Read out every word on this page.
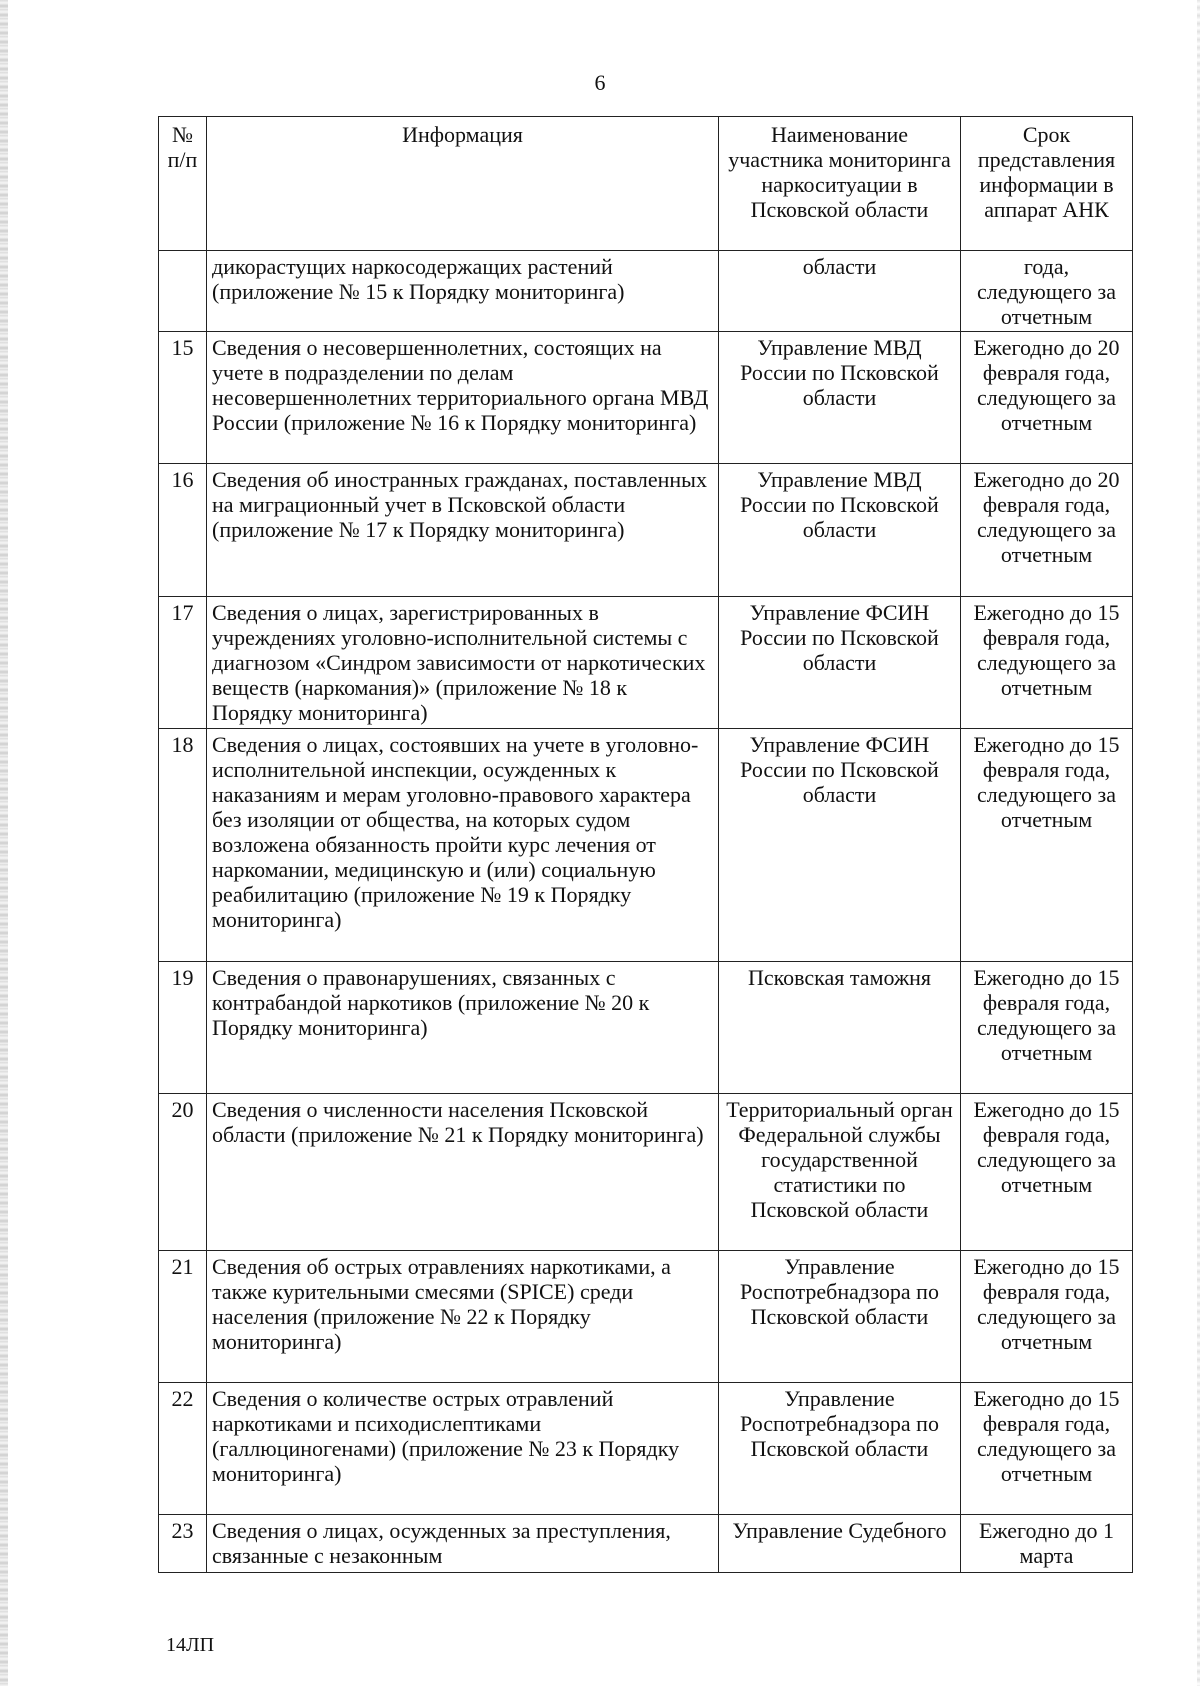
6
№ п/п	Информация	Наименование участника мониторинга наркоситуации в Псковской области	Срок представления информации в аппарат АНК
	дикорастущих наркосодержащих растений (приложение № 15 к Порядку мониторинга)	области	года, следующего за отчетным
15	Сведения о несовершеннолетних, состоящих на учете в подразделении по делам несовершеннолетних территориального органа МВД России (приложение № 16 к Порядку мониторинга)	Управление МВД России по Псковской области	Ежегодно до 20 февраля года, следующего за отчетным
16	Сведения об иностранных гражданах, поставленных на миграционный учет в Псковской области (приложение № 17 к Порядку мониторинга)	Управление МВД России по Псковской области	Ежегодно до 20 февраля года, следующего за отчетным
17	Сведения о лицах, зарегистрированных в учреждениях уголовно-исполнительной системы с диагнозом «Синдром зависимости от наркотических веществ (наркомания)» (приложение № 18 к Порядку мониторинга)	Управление ФСИН России по Псковской области	Ежегодно до 15 февраля года, следующего за отчетным
18	Сведения о лицах, состоявших на учете в уголовно-исполнительной инспекции, осужденных к наказаниям и мерам уголовно-правового характера без изоляции от общества, на которых судом возложена обязанность пройти курс лечения от наркомании, медицинскую и (или) социальную реабилитацию (приложение № 19 к Порядку мониторинга)	Управление ФСИН России по Псковской области	Ежегодно до 15 февраля года, следующего за отчетным
19	Сведения о правонарушениях, связанных с контрабандой наркотиков (приложение № 20 к Порядку мониторинга)	Псковская таможня	Ежегодно до 15 февраля года, следующего за отчетным
20	Сведения о численности населения Псковской области (приложение № 21 к Порядку мониторинга)	Территориальный орган Федеральной службы государственной статистики по Псковской области	Ежегодно до 15 февраля года, следующего за отчетным
21	Сведения об острых отравлениях наркотиками, а также курительными смесями (SPICE) среди населения (приложение № 22 к Порядку мониторинга)	Управление Роспотребнадзора по Псковской области	Ежегодно до 15 февраля года, следующего за отчетным
22	Сведения о количестве острых отравлений наркотиками и психодислептиками (галлюциногенами) (приложение № 23 к Порядку мониторинга)	Управление Роспотребнадзора по Псковской области	Ежегодно до 15 февраля года, следующего за отчетным
23	Сведения о лицах, осужденных за преступления, связанные с незаконным	Управление Судебного	Ежегодно до 1 марта
14ЛП
